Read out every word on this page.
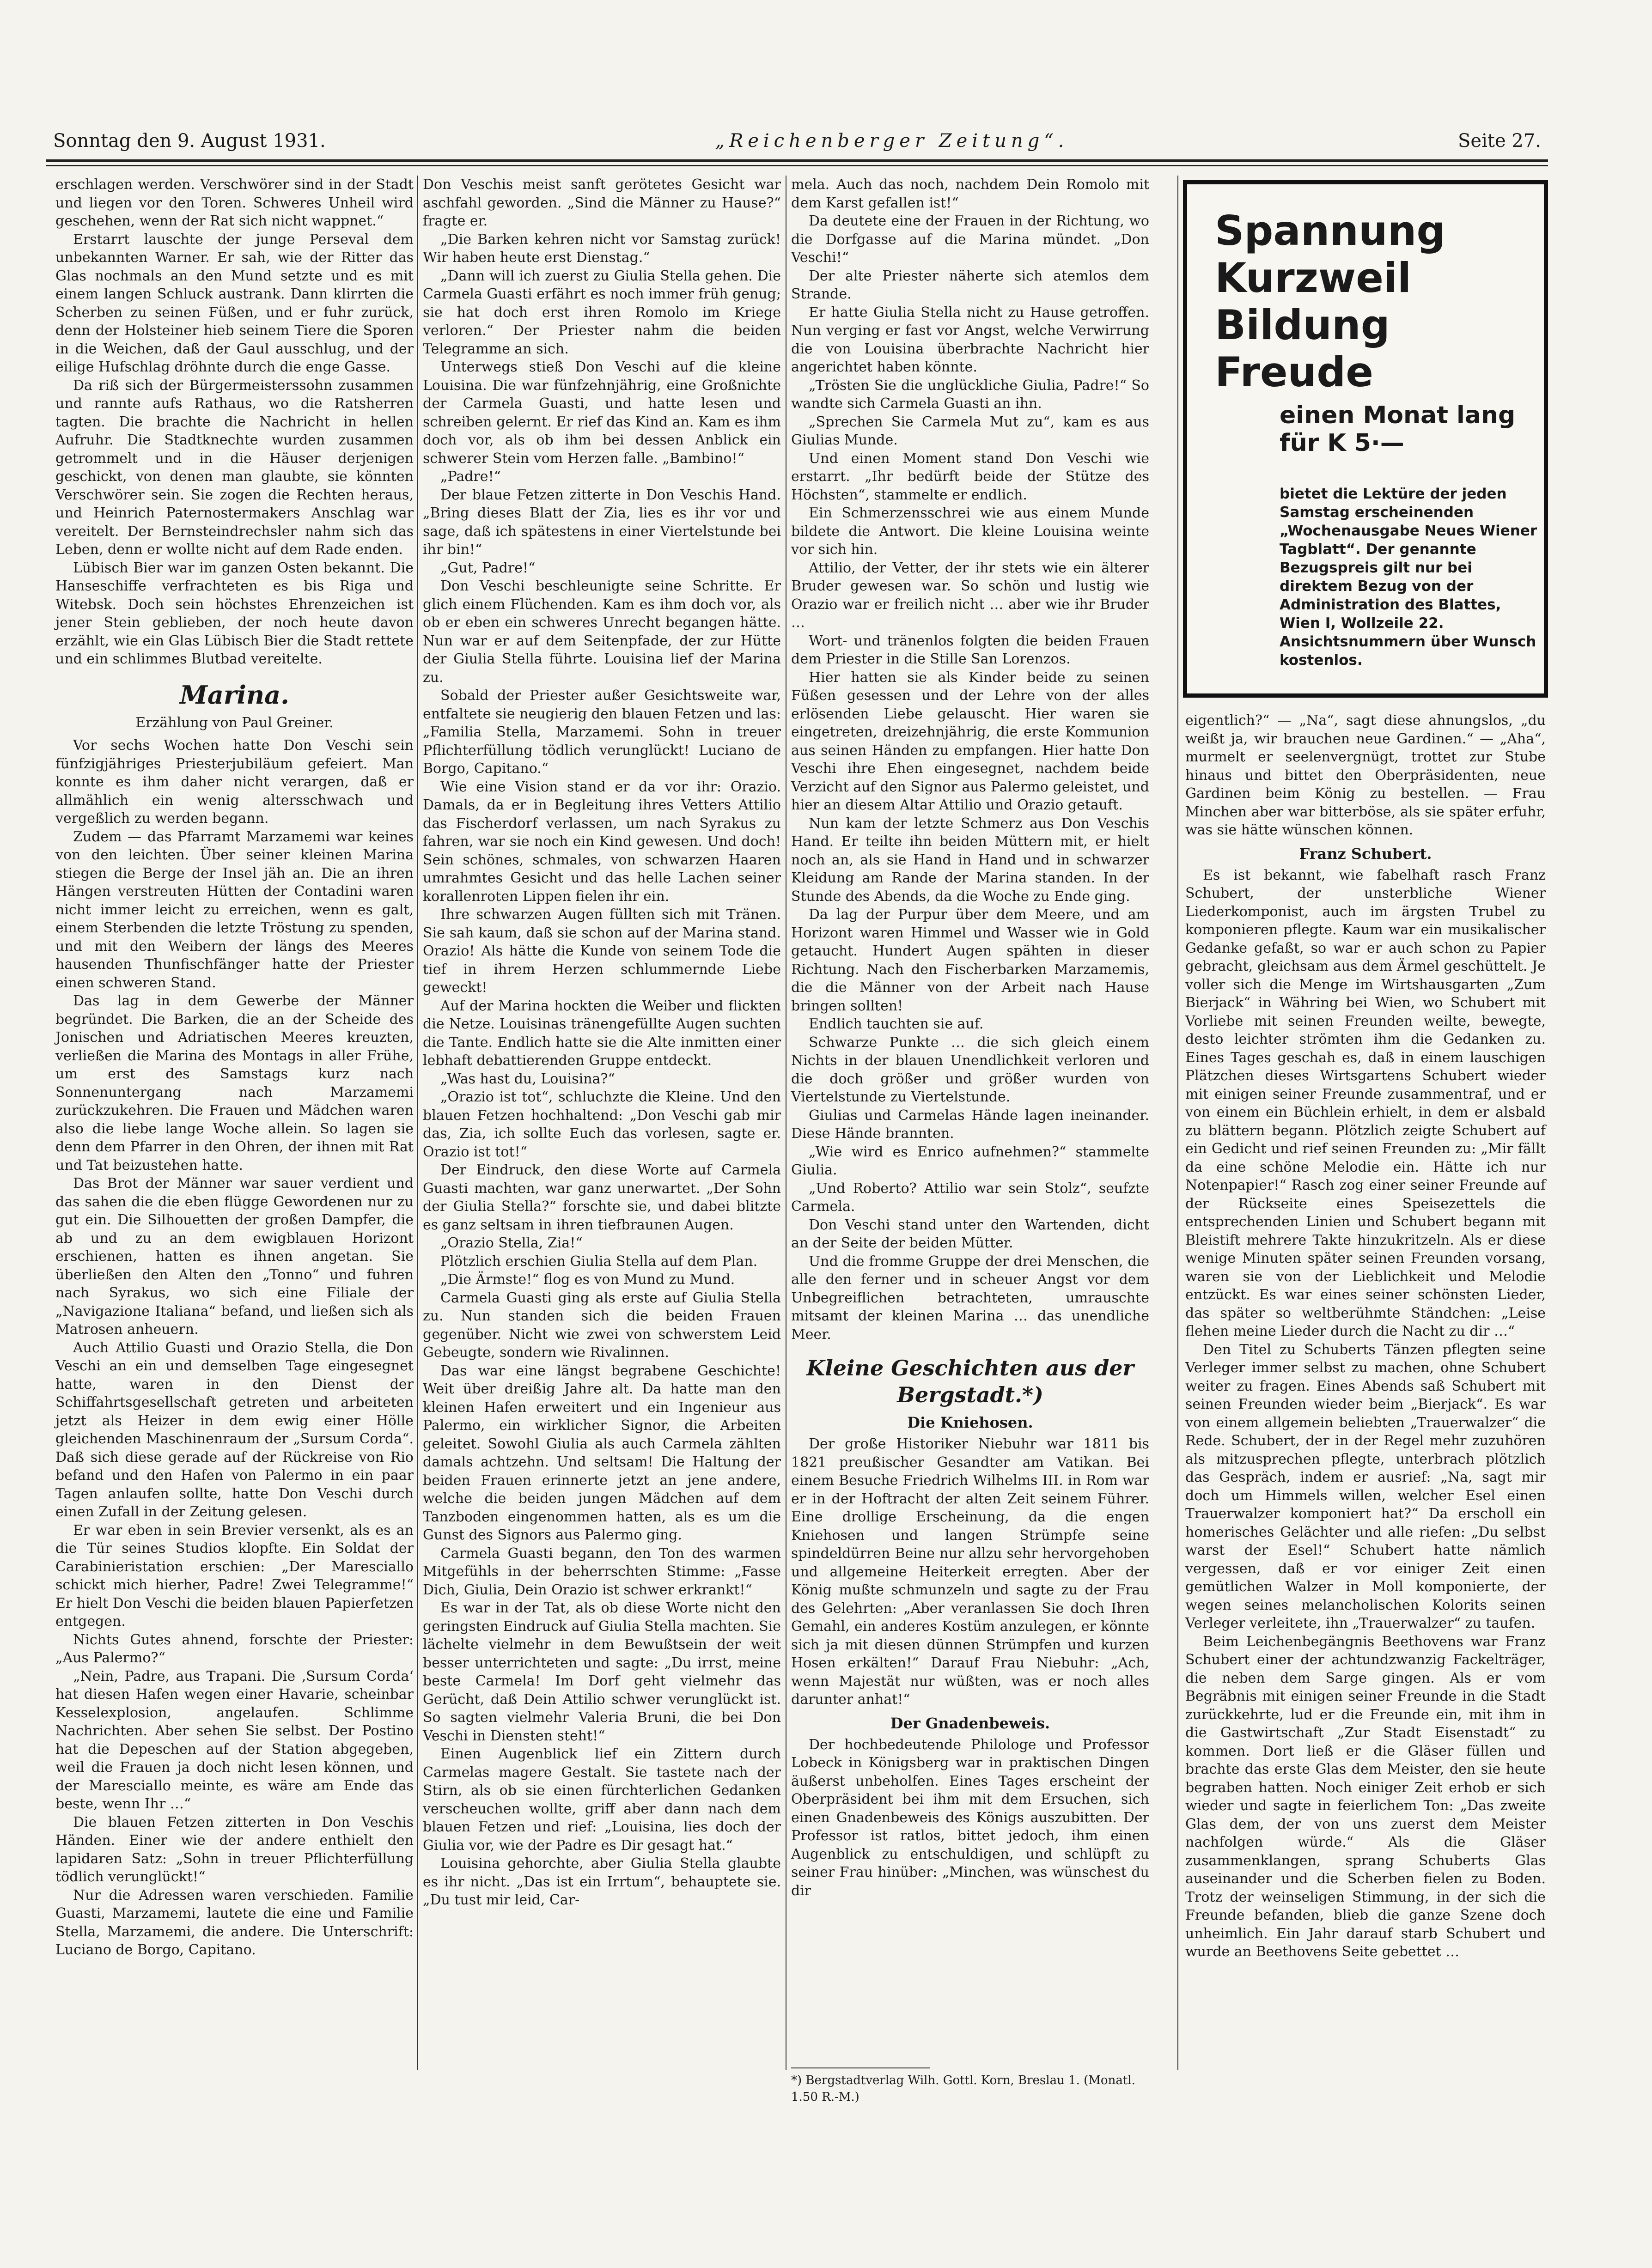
Sonntag den 9. August 1931.	„Reichenberger Zeitung“.	Seite 27.

erschlagen werden. Verschwörer sind in der Stadt und liegen vor den Toren. Schweres Unheil wird geschehen, wenn der Rat sich nicht wappnet.“

Erstarrt lauschte der junge Perseval dem unbekannten Warner. Er sah, wie der Ritter das Glas nochmals an den Mund setzte und es mit einem langen Schluck austrank. Dann klirrten die Scherben zu seinen Füßen, und er fuhr zurück, denn der Holsteiner hieb seinem Tiere die Sporen in die Weichen, daß der Gaul ausschlug, und der eilige Hufschlag dröhnte durch die enge Gasse.

Da riß sich der Bürgermeisterssohn zusammen und rannte aufs Rathaus, wo die Ratsherren tagten. Die brachte die Nachricht in hellen Aufruhr. Die Stadtknechte wurden zusammen getrommelt und in die Häuser derjenigen geschickt, von denen man glaubte, sie könnten Verschwörer sein. Sie zogen die Rechten heraus, und Heinrich Paternostermakers Anschlag war vereitelt. Der Bernsteindrechsler nahm sich das Leben, denn er wollte nicht auf dem Rade enden.

Lübisch Bier war im ganzen Osten bekannt. Die Hanseschiffe verfrachteten es bis Riga und Witebsk. Doch sein höchstes Ehrenzeichen ist jener Stein geblieben, der noch heute davon erzählt, wie ein Glas Lübisch Bier die Stadt rettete und ein schlimmes Blutbad vereitelte.

Marina.

Erzählung von Paul Greiner.

Vor sechs Wochen hatte Don Veschi sein fünfzigjähriges Priesterjubiläum gefeiert. Man konnte es ihm daher nicht verargen, daß er allmählich ein wenig altersschwach und vergeßlich zu werden begann.

Zudem — das Pfarramt Marzamemi war keines von den leichten. Über seiner kleinen Marina stiegen die Berge der Insel jäh an. Die an ihren Hängen verstreuten Hütten der Contadini waren nicht immer leicht zu erreichen, wenn es galt, einem Sterbenden die letzte Tröstung zu spenden, und mit den Weibern der längs des Meeres hausenden Thunfischfänger hatte der Priester einen schweren Stand.

Das lag in dem Gewerbe der Männer begründet. Die Barken, die an der Scheide des Jonischen und Adriatischen Meeres kreuzten, verließen die Marina des Montags in aller Frühe, um erst des Samstags kurz nach Sonnenuntergang nach Marzamemi zurückzukehren. Die Frauen und Mädchen waren also die liebe lange Woche allein. So lagen sie denn dem Pfarrer in den Ohren, der ihnen mit Rat und Tat beizustehen hatte.

Das Brot der Männer war sauer verdient und das sahen die die eben flügge Gewordenen nur zu gut ein. Die Silhouetten der großen Dampfer, die ab und zu an dem ewigblauen Horizont erschienen, hatten es ihnen angetan. Sie überließen den Alten den „Tonno“ und fuhren nach Syrakus, wo sich eine Filiale der „Navigazione Italiana“ befand, und ließen sich als Matrosen anheuern.

Auch Attilio Guasti und Orazio Stella, die Don Veschi an ein und demselben Tage eingesegnet hatte, waren in den Dienst der Schiffahrtsgesellschaft getreten und arbeiteten jetzt als Heizer in dem ewig einer Hölle gleichenden Maschinenraum der „Sursum Corda“. Daß sich diese gerade auf der Rückreise von Rio befand und den Hafen von Palermo in ein paar Tagen anlaufen sollte, hatte Don Veschi durch einen Zufall in der Zeitung gelesen.

Er war eben in sein Brevier versenkt, als es an die Tür seines Studios klopfte. Ein Soldat der Carabinieristation erschien: „Der Maresciallo schickt mich hierher, Padre! Zwei Telegramme!“ Er hielt Don Veschi die beiden blauen Papierfetzen entgegen.

Nichts Gutes ahnend, forschte der Priester: „Aus Palermo?“

„Nein, Padre, aus Trapani. Die ‚Sursum Corda‘ hat diesen Hafen wegen einer Havarie, scheinbar Kesselexplosion, angelaufen. Schlimme Nachrichten. Aber sehen Sie selbst. Der Postino hat die Depeschen auf der Station abgegeben, weil die Frauen ja doch nicht lesen können, und der Maresciallo meinte, es wäre am Ende das beste, wenn Ihr …“

Die blauen Fetzen zitterten in Don Veschis Händen. Einer wie der andere enthielt den lapidaren Satz: „Sohn in treuer Pflichterfüllung tödlich verunglückt!“

Nur die Adressen waren verschieden. Familie Guasti, Marzamemi, lautete die eine und Familie Stella, Marzamemi, die andere. Die Unterschrift: Luciano de Borgo, Capitano.

Don Veschis meist sanft gerötetes Gesicht war aschfahl geworden. „Sind die Männer zu Hause?“ fragte er.

„Die Barken kehren nicht vor Samstag zurück! Wir haben heute erst Dienstag.“

„Dann will ich zuerst zu Giulia Stella gehen. Die Carmela Guasti erfährt es noch immer früh genug; sie hat doch erst ihren Romolo im Kriege verloren.“ Der Priester nahm die beiden Telegramme an sich.

Unterwegs stieß Don Veschi auf die kleine Louisina. Die war fünfzehnjährig, eine Großnichte der Carmela Guasti, und hatte lesen und schreiben gelernt. Er rief das Kind an. Kam es ihm doch vor, als ob ihm bei dessen Anblick ein schwerer Stein vom Herzen falle. „Bambino!“

„Padre!“

Der blaue Fetzen zitterte in Don Veschis Hand. „Bring dieses Blatt der Zia, lies es ihr vor und sage, daß ich spätestens in einer Viertelstunde bei ihr bin!“

„Gut, Padre!“

Don Veschi beschleunigte seine Schritte. Er glich einem Flüchenden. Kam es ihm doch vor, als ob er eben ein schweres Unrecht begangen hätte. Nun war er auf dem Seitenpfade, der zur Hütte der Giulia Stella führte. Louisina lief der Marina zu.

Sobald der Priester außer Gesichtsweite war, entfaltete sie neugierig den blauen Fetzen und las: „Familia Stella, Marzamemi. Sohn in treuer Pflichterfüllung tödlich verunglückt! Luciano de Borgo, Capitano.“

Wie eine Vision stand er da vor ihr: Orazio. Damals, da er in Begleitung ihres Vetters Attilio das Fischerdorf verlassen, um nach Syrakus zu fahren, war sie noch ein Kind gewesen. Und doch! Sein schönes, schmales, von schwarzen Haaren umrahmtes Gesicht und das helle Lachen seiner korallenroten Lippen fielen ihr ein.

Ihre schwarzen Augen füllten sich mit Tränen. Sie sah kaum, daß sie schon auf der Marina stand. Orazio! Als hätte die Kunde von seinem Tode die tief in ihrem Herzen schlummernde Liebe geweckt!

Auf der Marina hockten die Weiber und flickten die Netze. Louisinas tränengefüllte Augen suchten die Tante. Endlich hatte sie die Alte inmitten einer lebhaft debattierenden Gruppe entdeckt.

„Was hast du, Louisina?“

„Orazio ist tot“, schluchzte die Kleine. Und den blauen Fetzen hochhaltend: „Don Veschi gab mir das, Zia, ich sollte Euch das vorlesen, sagte er. Orazio ist tot!“

Der Eindruck, den diese Worte auf Carmela Guasti machten, war ganz unerwartet. „Der Sohn der Giulia Stella?“ forschte sie, und dabei blitzte es ganz seltsam in ihren tiefbraunen Augen.

„Orazio Stella, Zia!“

Plötzlich erschien Giulia Stella auf dem Plan.

„Die Ärmste!“ flog es von Mund zu Mund.

Carmela Guasti ging als erste auf Giulia Stella zu. Nun standen sich die beiden Frauen gegenüber. Nicht wie zwei von schwerstem Leid Gebeugte, sondern wie Rivalinnen.

Das war eine längst begrabene Geschichte! Weit über dreißig Jahre alt. Da hatte man den kleinen Hafen erweitert und ein Ingenieur aus Palermo, ein wirklicher Signor, die Arbeiten geleitet. Sowohl Giulia als auch Carmela zählten damals achtzehn. Und seltsam! Die Haltung der beiden Frauen erinnerte jetzt an jene andere, welche die beiden jungen Mädchen auf dem Tanzboden eingenommen hatten, als es um die Gunst des Signors aus Palermo ging.

Carmela Guasti begann, den Ton des warmen Mitgefühls in der beherrschten Stimme: „Fasse Dich, Giulia, Dein Orazio ist schwer erkrankt!“

Es war in der Tat, als ob diese Worte nicht den geringsten Eindruck auf Giulia Stella machten. Sie lächelte vielmehr in dem Bewußtsein der weit besser unterrichteten und sagte: „Du irrst, meine beste Carmela! Im Dorf geht vielmehr das Gerücht, daß Dein Attilio schwer verunglückt ist. So sagten vielmehr Valeria Bruni, die bei Don Veschi in Diensten steht!“

Einen Augenblick lief ein Zittern durch Carmelas magere Gestalt. Sie tastete nach der Stirn, als ob sie einen fürchterlichen Gedanken verscheuchen wollte, griff aber dann nach dem blauen Fetzen und rief: „Louisina, lies doch der Giulia vor, wie der Padre es Dir gesagt hat.“

Louisina gehorchte, aber Giulia Stella glaubte es ihr nicht. „Das ist ein Irrtum“, behauptete sie. „Du tust mir leid, Car-

mela. Auch das noch, nachdem Dein Romolo mit dem Karst gefallen ist!“

Da deutete eine der Frauen in der Richtung, wo die Dorfgasse auf die Marina mündet. „Don Veschi!“

Der alte Priester näherte sich atemlos dem Strande.

Er hatte Giulia Stella nicht zu Hause getroffen. Nun verging er fast vor Angst, welche Verwirrung die von Louisina überbrachte Nachricht hier angerichtet haben könnte.

„Trösten Sie die unglückliche Giulia, Padre!“ So wandte sich Carmela Guasti an ihn.

„Sprechen Sie Carmela Mut zu“, kam es aus Giulias Munde.

Und einen Moment stand Don Veschi wie erstarrt. „Ihr bedürft beide der Stütze des Höchsten“, stammelte er endlich.

Ein Schmerzensschrei wie aus einem Munde bildete die Antwort. Die kleine Louisina weinte vor sich hin.

Attilio, der Vetter, der ihr stets wie ein älterer Bruder gewesen war. So schön und lustig wie Orazio war er freilich nicht … aber wie ihr Bruder …

Wort- und tränenlos folgten die beiden Frauen dem Priester in die Stille San Lorenzos.

Hier hatten sie als Kinder beide zu seinen Füßen gesessen und der Lehre von der alles erlösenden Liebe gelauscht. Hier waren sie eingetreten, dreizehnjährig, die erste Kommunion aus seinen Händen zu empfangen. Hier hatte Don Veschi ihre Ehen eingesegnet, nachdem beide Verzicht auf den Signor aus Palermo geleistet, und hier an diesem Altar Attilio und Orazio getauft.

Nun kam der letzte Schmerz aus Don Veschis Hand. Er teilte ihn beiden Müttern mit, er hielt noch an, als sie Hand in Hand und in schwarzer Kleidung am Rande der Marina standen. In der Stunde des Abends, da die Woche zu Ende ging.

Da lag der Purpur über dem Meere, und am Horizont waren Himmel und Wasser wie in Gold getaucht. Hundert Augen spähten in dieser Richtung. Nach den Fischerbarken Marzamemis, die die Männer von der Arbeit nach Hause bringen sollten!

Endlich tauchten sie auf.

Schwarze Punkte … die sich gleich einem Nichts in der blauen Unendlichkeit verloren und die doch größer und größer wurden von Viertelstunde zu Viertelstunde.

Giulias und Carmelas Hände lagen ineinander. Diese Hände brannten.

„Wie wird es Enrico aufnehmen?“ stammelte Giulia.

„Und Roberto? Attilio war sein Stolz“, seufzte Carmela.

Don Veschi stand unter den Wartenden, dicht an der Seite der beiden Mütter.

Und die fromme Gruppe der drei Menschen, die alle den ferner und in scheuer Angst vor dem Unbegreiflichen betrachteten, umrauschte mitsamt der kleinen Marina … das unendliche Meer.

Kleine Geschichten aus der Bergstadt.*)
Die Kniehosen.

Der große Historiker Niebuhr war 1811 bis 1821 preußischer Gesandter am Vatikan. Bei einem Besuche Friedrich Wilhelms III. in Rom war er in der Hoftracht der alten Zeit seinem Führer. Eine drollige Erscheinung, da die engen Kniehosen und langen Strümpfe seine spindeldürren Beine nur allzu sehr hervorgehoben und allgemeine Heiterkeit erregten. Aber der König mußte schmunzeln und sagte zu der Frau des Gelehrten: „Aber veranlassen Sie doch Ihren Gemahl, ein anderes Kostüm anzulegen, er könnte sich ja mit diesen dünnen Strümpfen und kurzen Hosen erkälten!“ Darauf Frau Niebuhr: „Ach, wenn Majestät nur wüßten, was er noch alles darunter anhat!“

Der Gnadenbeweis.

Der hochbedeutende Philologe und Professor Lobeck in Königsberg war in praktischen Dingen äußerst unbeholfen. Eines Tages erscheint der Oberpräsident bei ihm mit dem Ersuchen, sich einen Gnadenbeweis des Königs auszubitten. Der Professor ist ratlos, bittet jedoch, ihm einen Augenblick zu entschuldigen, und schlüpft zu seiner Frau hinüber: „Minchen, was wünschest du dir

*) Bergstadtverlag Wilh. Gottl. Korn, Breslau 1. (Monatl. 1.50 R.-M.)
Spannung
Kurzweil
Bildung
Freude
einen Monat lang für K 5·—
bietet die Lektüre der jeden Samstag erscheinenden „Wochenausgabe Neues Wiener Tagblatt“. Der genannte Bezugspreis gilt nur bei direktem Bezug von der Administration des Blattes, Wien I, Wollzeile 22. Ansichtsnummern über Wunsch kostenlos.

eigentlich?“ — „Na“, sagt diese ahnungslos, „du weißt ja, wir brauchen neue Gardinen.“ — „Aha“, murmelt er seelenvergnügt, trottet zur Stube hinaus und bittet den Oberpräsidenten, neue Gardinen beim König zu bestellen. — Frau Minchen aber war bitterböse, als sie später erfuhr, was sie hätte wünschen können.

Franz Schubert.

Es ist bekannt, wie fabelhaft rasch Franz Schubert, der unsterbliche Wiener Liederkomponist, auch im ärgsten Trubel zu komponieren pflegte. Kaum war ein musikalischer Gedanke gefaßt, so war er auch schon zu Papier gebracht, gleichsam aus dem Ärmel geschüttelt. Je voller sich die Menge im Wirtshausgarten „Zum Bierjack“ in Währing bei Wien, wo Schubert mit Vorliebe mit seinen Freunden weilte, bewegte, desto leichter strömten ihm die Gedanken zu. Eines Tages geschah es, daß in einem lauschigen Plätzchen dieses Wirtsgartens Schubert wieder mit einigen seiner Freunde zusammentraf, und er von einem ein Büchlein erhielt, in dem er alsbald zu blättern begann. Plötzlich zeigte Schubert auf ein Gedicht und rief seinen Freunden zu: „Mir fällt da eine schöne Melodie ein. Hätte ich nur Notenpapier!“ Rasch zog einer seiner Freunde auf der Rückseite eines Speisezettels die entsprechenden Linien und Schubert begann mit Bleistift mehrere Takte hinzukritzeln. Als er diese wenige Minuten später seinen Freunden vorsang, waren sie von der Lieblichkeit und Melodie entzückt. Es war eines seiner schönsten Lieder, das später so weltberühmte Ständchen: „Leise flehen meine Lieder durch die Nacht zu dir …“

Den Titel zu Schuberts Tänzen pflegten seine Verleger immer selbst zu machen, ohne Schubert weiter zu fragen. Eines Abends saß Schubert mit seinen Freunden wieder beim „Bierjack“. Es war von einem allgemein beliebten „Trauerwalzer“ die Rede. Schubert, der in der Regel mehr zuzuhören als mitzusprechen pflegte, unterbrach plötzlich das Gespräch, indem er ausrief: „Na, sagt mir doch um Himmels willen, welcher Esel einen Trauerwalzer komponiert hat?“ Da erscholl ein homerisches Gelächter und alle riefen: „Du selbst warst der Esel!“ Schubert hatte nämlich vergessen, daß er vor einiger Zeit einen gemütlichen Walzer in Moll komponierte, der wegen seines melancholischen Kolorits seinen Verleger verleitete, ihn „Trauerwalzer“ zu taufen.

Beim Leichenbegängnis Beethovens war Franz Schubert einer der achtundzwanzig Fackelträger, die neben dem Sarge gingen. Als er vom Begräbnis mit einigen seiner Freunde in die Stadt zurückkehrte, lud er die Freunde ein, mit ihm in die Gastwirtschaft „Zur Stadt Eisenstadt“ zu kommen. Dort ließ er die Gläser füllen und brachte das erste Glas dem Meister, den sie heute begraben hatten. Noch einiger Zeit erhob er sich wieder und sagte in feierlichem Ton: „Das zweite Glas dem, der von uns zuerst dem Meister nachfolgen würde.“ Als die Gläser zusammenklangen, sprang Schuberts Glas auseinander und die Scherben fielen zu Boden. Trotz der weinseligen Stimmung, in der sich die Freunde befanden, blieb die ganze Szene doch unheimlich. Ein Jahr darauf starb Schubert und wurde an Beethovens Seite gebettet …
